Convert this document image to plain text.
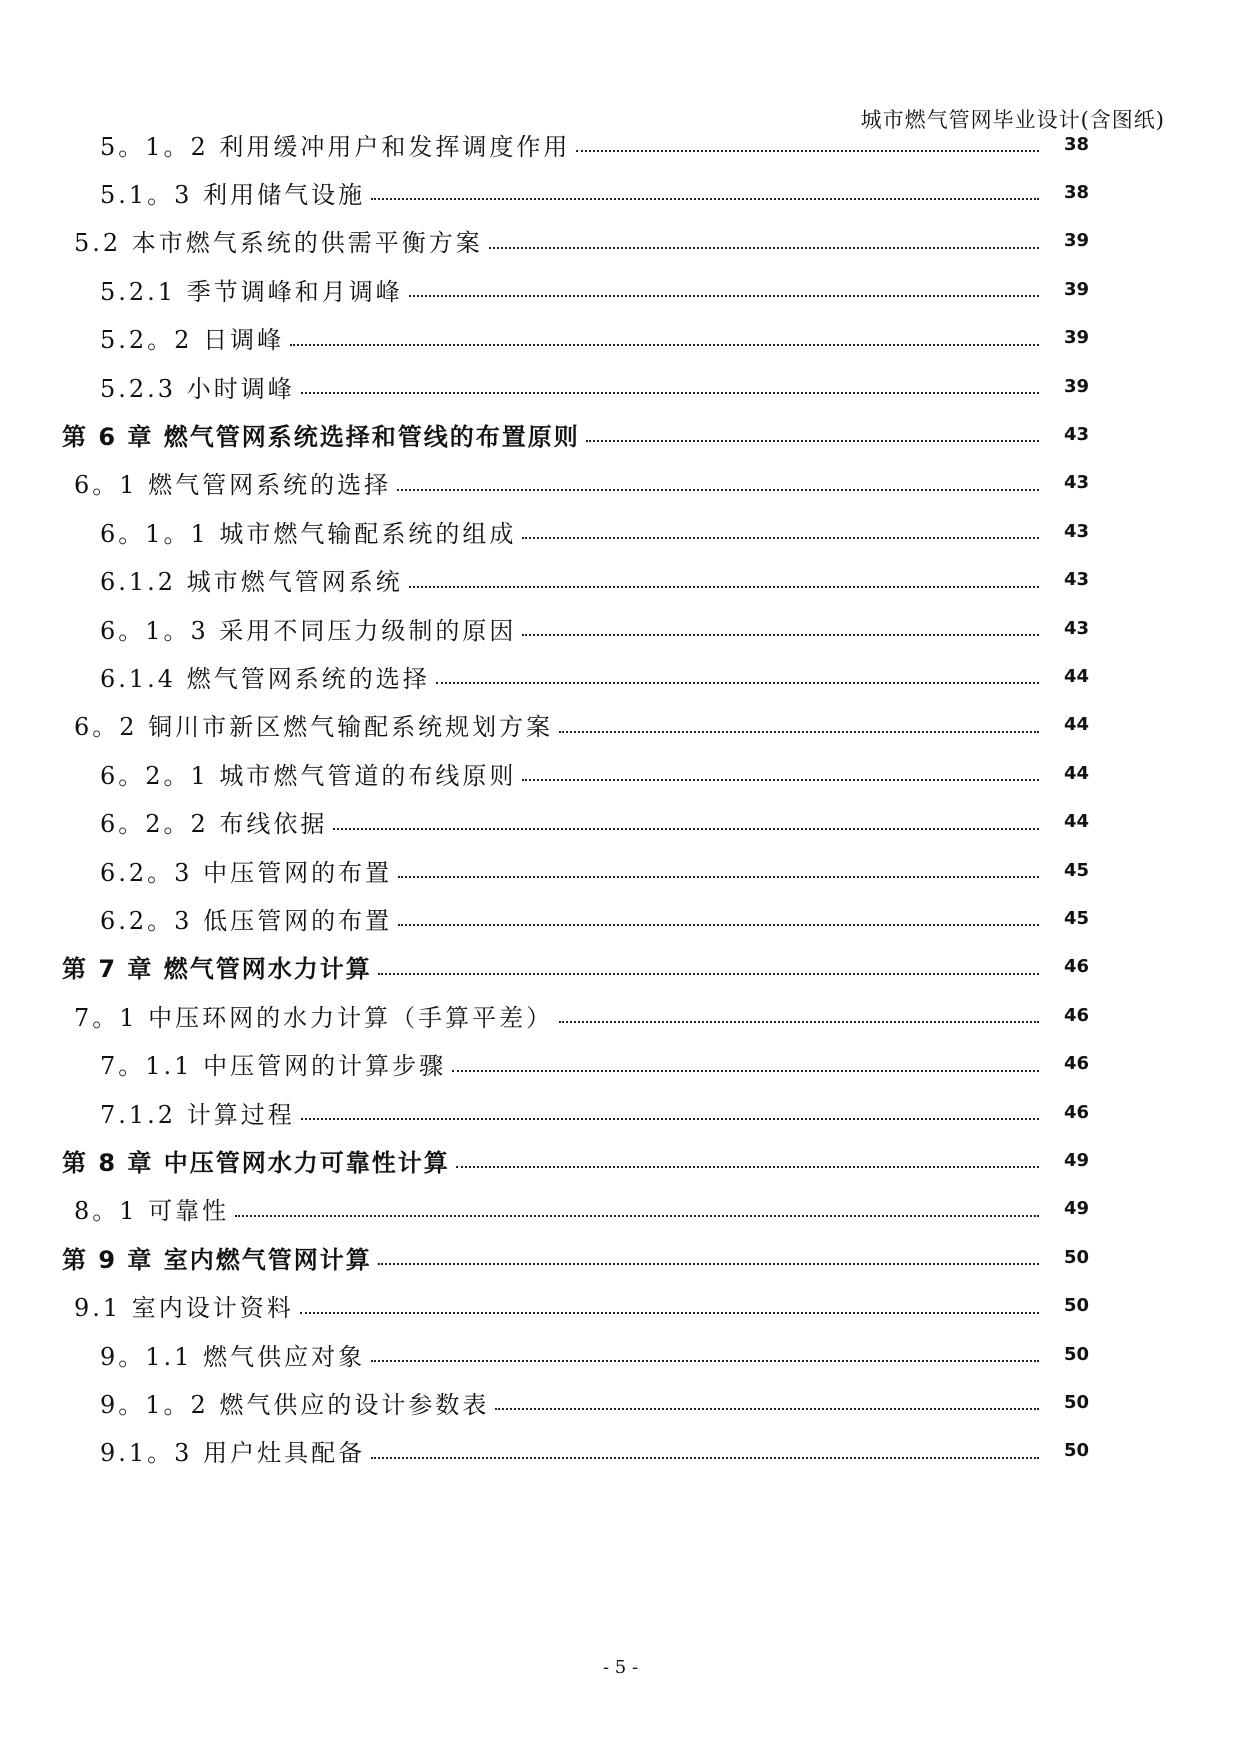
城市燃气管网毕业设计(含图纸)
5。1。2 利用缓冲用户和发挥调度作用	38
5.1。3 利用储气设施	38
5.2 本市燃气系统的供需平衡方案	39
5.2.1 季节调峰和月调峰	39
5.2。2 日调峰	39
5.2.3 小时调峰	39
第 6 章 燃气管网系统选择和管线的布置原则	43
6。1 燃气管网系统的选择	43
6。1。1 城市燃气输配系统的组成	43
6.1.2 城市燃气管网系统	43
6。1。3 采用不同压力级制的原因	43
6.1.4 燃气管网系统的选择	44
6。2 铜川市新区燃气输配系统规划方案	44
6。2。1 城市燃气管道的布线原则	44
6。2。2 布线依据	44
6.2。3 中压管网的布置	45
6.2。3 低压管网的布置	45
第 7 章 燃气管网水力计算	46
7。1 中压环网的水力计算（手算平差）	46
7。1.1 中压管网的计算步骤	46
7.1.2 计算过程	46
第 8 章 中压管网水力可靠性计算	49
8。1 可靠性	49
第 9 章 室内燃气管网计算	50
9.1 室内设计资料	50
9。1.1 燃气供应对象	50
9。1。2 燃气供应的设计参数表	50
9.1。3 用户灶具配备	50
- 5 -
